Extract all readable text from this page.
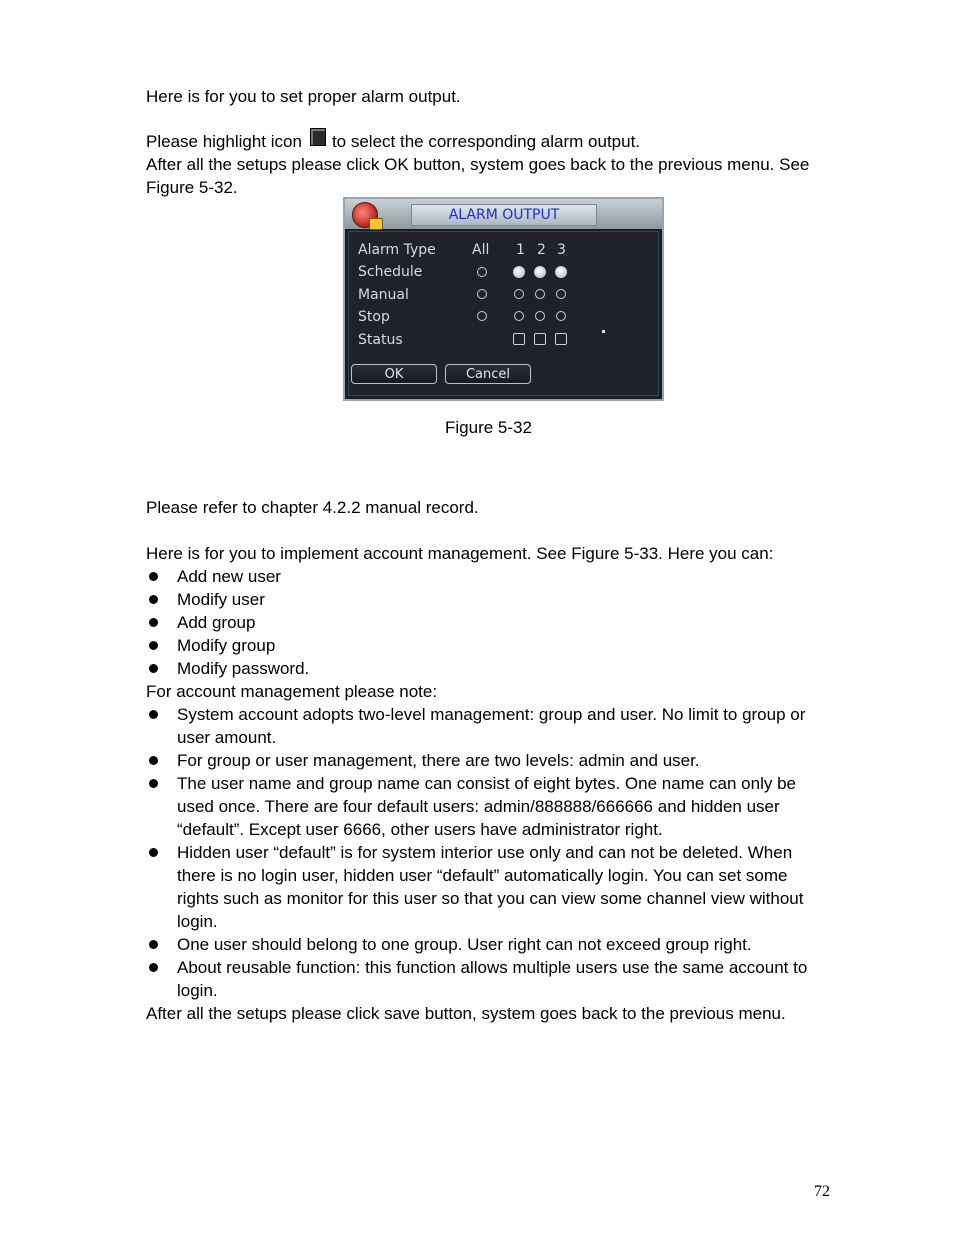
Here is for you to set proper alarm output.
Please highlight icon to select the corresponding alarm output.
After all the setups please click OK button, system goes back to the previous menu. See
Figure 5-32.
ALARM OUTPUT
Alarm Type
Schedule
Manual
Stop
Status
All 1 2 3
OK	Cancel
Figure 5-32
Please refer to chapter 4.2.2 manual record.
Here is for you to implement account management. See Figure 5-33. Here you can:
Add new user
Modify user
Add group
Modify group
Modify password.
For account management please note:
System account adopts two-level management: group and user. No limit to group or
user amount.
For group or user management, there are two levels: admin and user.
The user name and group name can consist of eight bytes. One name can only be
used once. There are four default users: admin/888888/666666 and hidden user
“default”. Except user 6666, other users have administrator right.
Hidden user “default” is for system interior use only and can not be deleted. When
there is no login user, hidden user “default” automatically login. You can set some
rights such as monitor for this user so that you can view some channel view without
login.
One user should belong to one group. User right can not exceed group right.
About reusable function: this function allows multiple users use the same account to
login.
After all the setups please click save button, system goes back to the previous menu.
72
